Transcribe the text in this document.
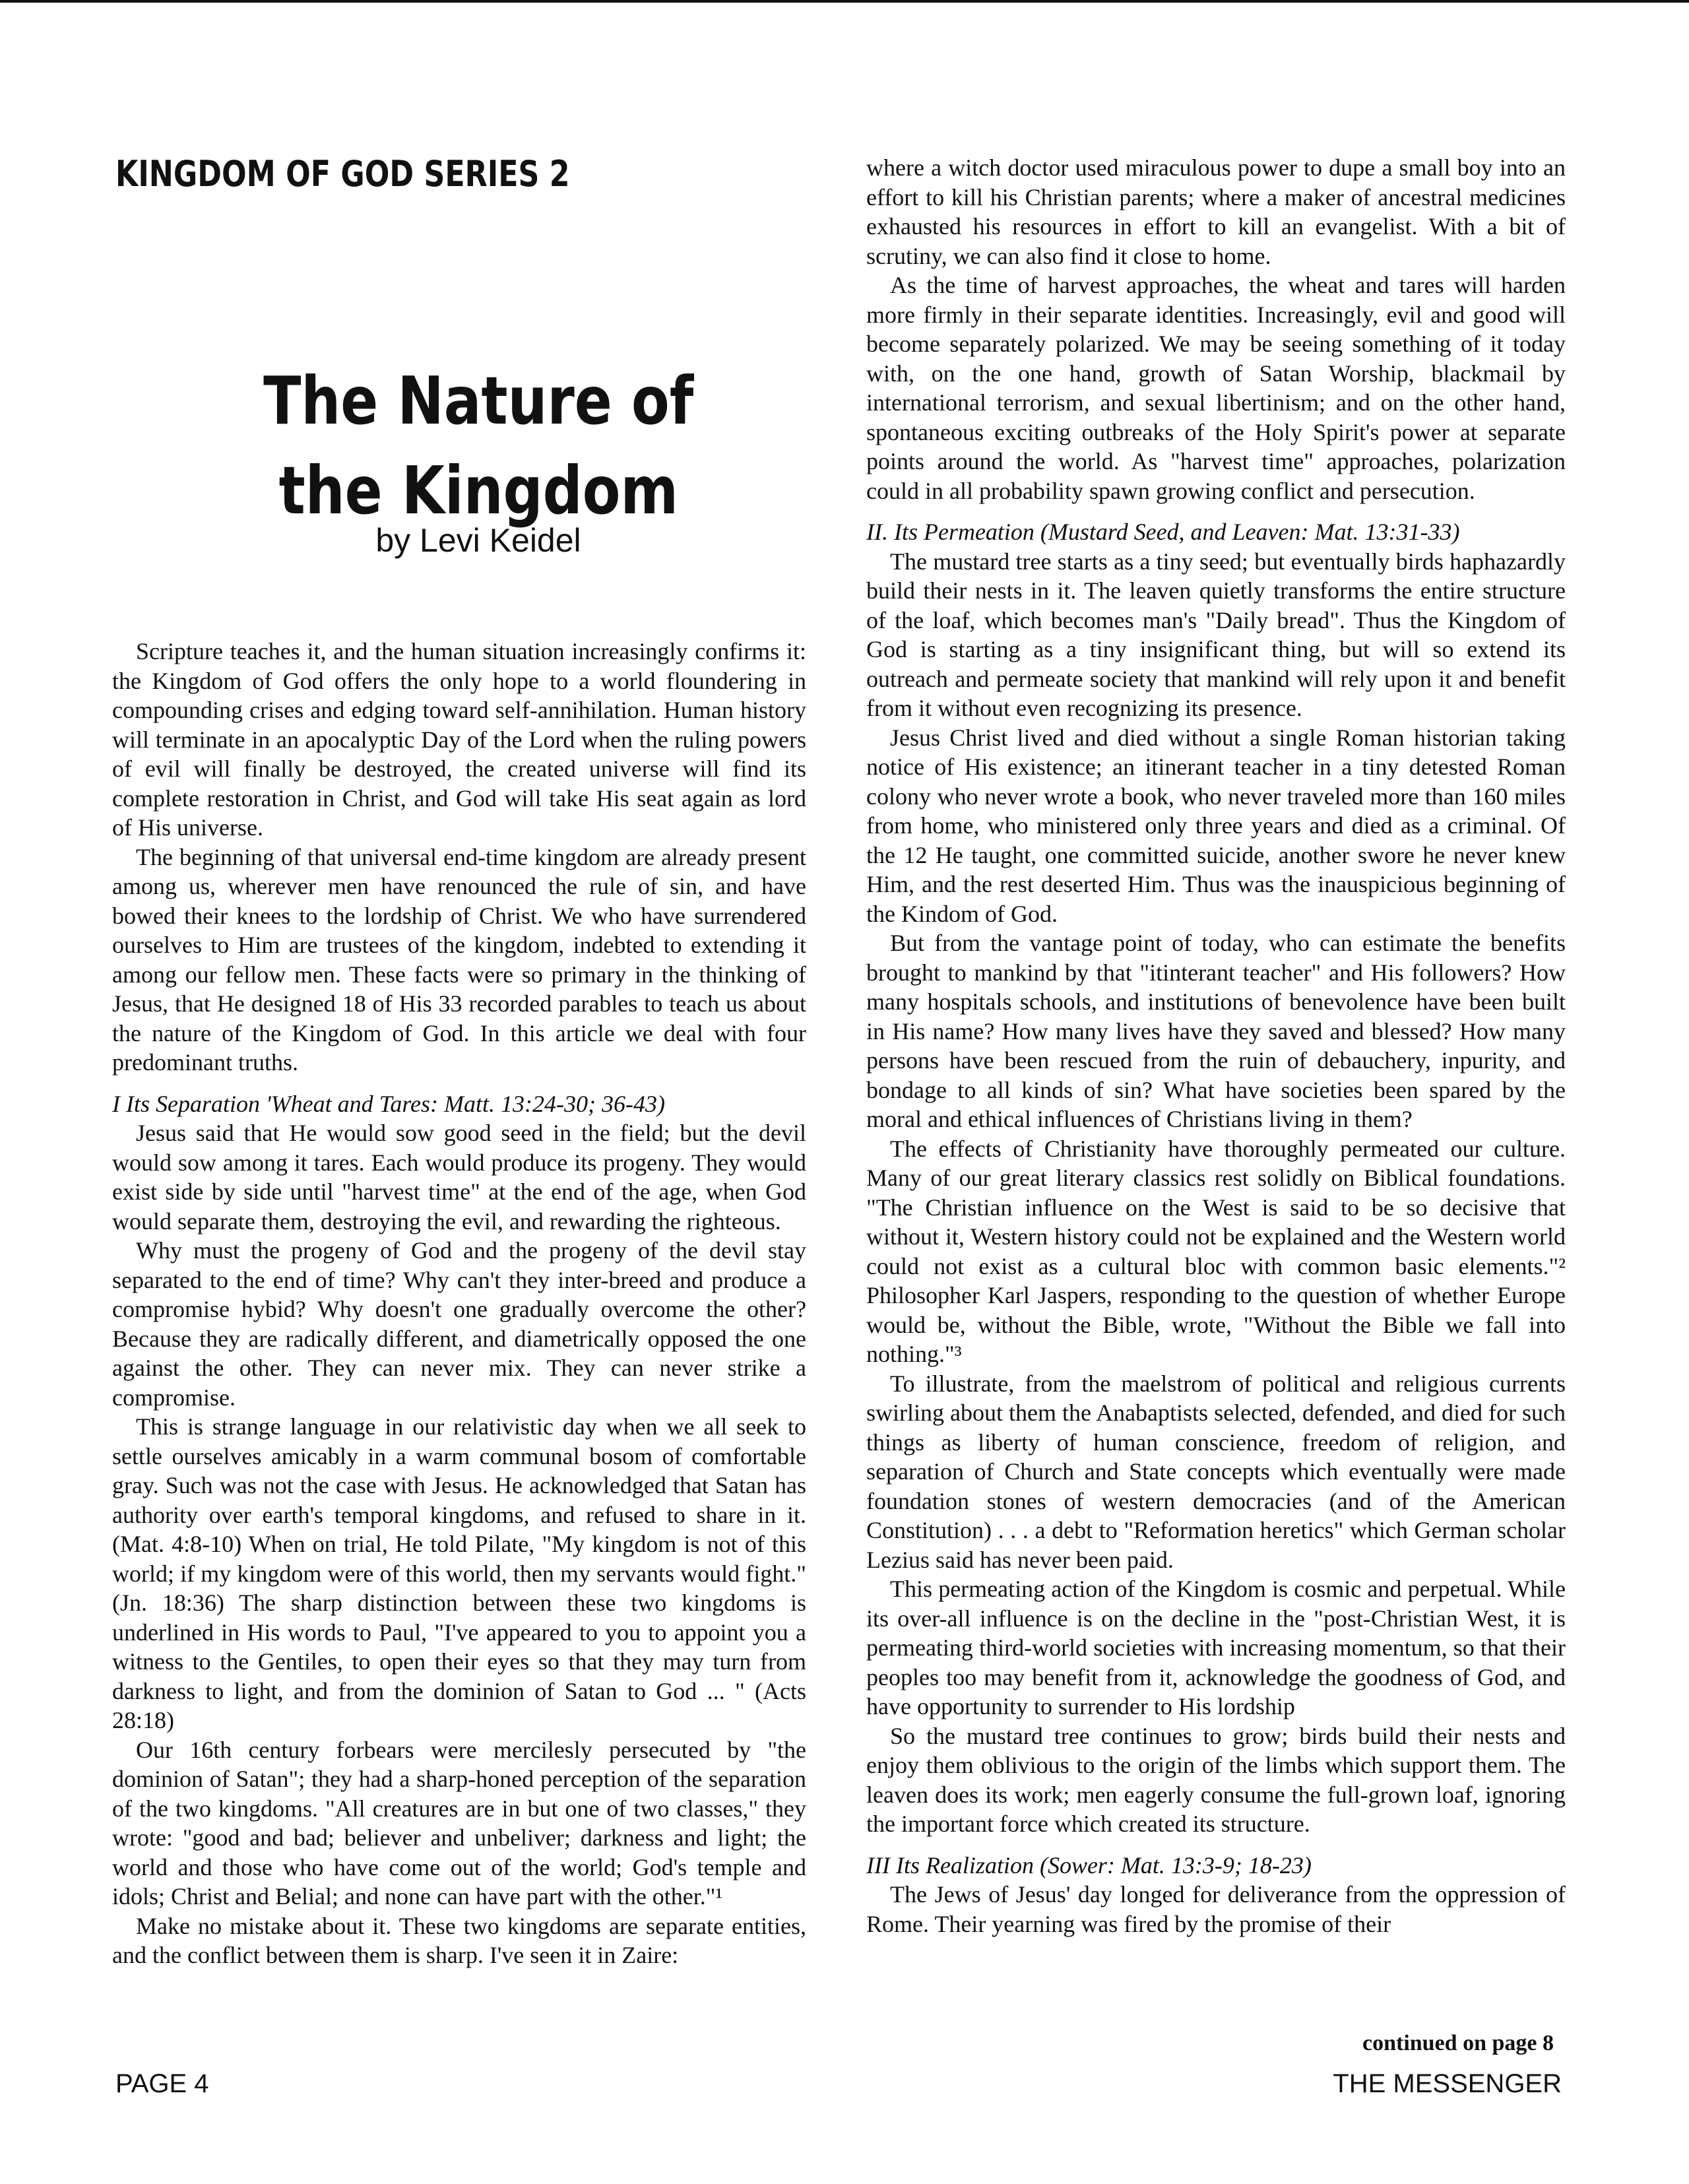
KINGDOM OF GOD SERIES 2
The Nature of
the Kingdom
by Levi Keidel

Scripture teaches it, and the human situation increasingly confirms it: the Kingdom of God offers the only hope to a world floundering in compounding crises and edging toward self-annihilation. Human history will terminate in an apocalyptic Day of the Lord when the ruling powers of evil will finally be destroyed, the created universe will find its complete restoration in Christ, and God will take His seat again as lord of His universe.

The beginning of that universal end-time kingdom are already present among us, wherever men have renounced the rule of sin, and have bowed their knees to the lordship of Christ. We who have surrendered ourselves to Him are trustees of the kingdom, indebted to extending it among our fellow men. These facts were so primary in the thinking of Jesus, that He designed 18 of His 33 recorded parables to teach us about the nature of the Kingdom of God. In this article we deal with four predominant truths.

I Its Separation 'Wheat and Tares: Matt. 13:24-30; 36-43)

Jesus said that He would sow good seed in the field; but the devil would sow among it tares. Each would produce its progeny. They would exist side by side until "harvest time" at the end of the age, when God would separate them, destroying the evil, and rewarding the righteous.

Why must the progeny of God and the progeny of the devil stay separated to the end of time? Why can't they inter-breed and produce a compromise hybid? Why doesn't one gradually overcome the other? Because they are radically different, and diametrically opposed the one against the other. They can never mix. They can never strike a compromise.

This is strange language in our relativistic day when we all seek to settle ourselves amicably in a warm communal bosom of comfortable gray. Such was not the case with Jesus. He acknowledged that Satan has authority over earth's temporal kingdoms, and refused to share in it. (Mat. 4:8-10) When on trial, He told Pilate, "My kingdom is not of this world; if my kingdom were of this world, then my servants would fight." (Jn. 18:36) The sharp distinction between these two kingdoms is underlined in His words to Paul, "I've appeared to you to appoint you a witness to the Gentiles, to open their eyes so that they may turn from darkness to light, and from the dominion of Satan to God ... " (Acts 28:18)

Our 16th century forbears were mercilesly persecuted by "the dominion of Satan"; they had a sharp-honed perception of the separation of the two kingdoms. "All creatures are in but one of two classes," they wrote: "good and bad; believer and unbeliver; darkness and light; the world and those who have come out of the world; God's temple and idols; Christ and Belial; and none can have part with the other."¹

Make no mistake about it. These two kingdoms are separate entities, and the conflict between them is sharp. I've seen it in Zaire:

where a witch doctor used miraculous power to dupe a small boy into an effort to kill his Christian parents; where a maker of ancestral medicines exhausted his resources in effort to kill an evangelist. With a bit of scrutiny, we can also find it close to home.

As the time of harvest approaches, the wheat and tares will harden more firmly in their separate identities. Increasingly, evil and good will become separately polarized. We may be seeing something of it today with, on the one hand, growth of Satan Worship, blackmail by international terrorism, and sexual libertinism; and on the other hand, spontaneous exciting outbreaks of the Holy Spirit's power at separate points around the world. As "harvest time" approaches, polarization could in all probability spawn growing conflict and persecution.

II. Its Permeation (Mustard Seed, and Leaven: Mat. 13:31-33)

The mustard tree starts as a tiny seed; but eventually birds haphazardly build their nests in it. The leaven quietly transforms the entire structure of the loaf, which becomes man's "Daily bread". Thus the Kingdom of God is starting as a tiny insignificant thing, but will so extend its outreach and permeate society that mankind will rely upon it and benefit from it without even recognizing its presence.

Jesus Christ lived and died without a single Roman historian taking notice of His existence; an itinerant teacher in a tiny detested Roman colony who never wrote a book, who never traveled more than 160 miles from home, who ministered only three years and died as a criminal. Of the 12 He taught, one committed suicide, another swore he never knew Him, and the rest deserted Him. Thus was the inauspicious beginning of the Kindom of God.

But from the vantage point of today, who can estimate the benefits brought to mankind by that "itinterant teacher" and His followers? How many hospitals schools, and institutions of benevolence have been built in His name? How many lives have they saved and blessed? How many persons have been rescued from the ruin of debauchery, inpurity, and bondage to all kinds of sin? What have societies been spared by the moral and ethical influences of Christians living in them?

The effects of Christianity have thoroughly permeated our culture. Many of our great literary classics rest solidly on Biblical foundations. "The Christian influence on the West is said to be so decisive that without it, Western history could not be explained and the Western world could not exist as a cultural bloc with common basic elements."² Philosopher Karl Jaspers, responding to the question of whether Europe would be, without the Bible, wrote, "Without the Bible we fall into nothing."³

To illustrate, from the maelstrom of political and religious currents swirling about them the Anabaptists selected, defended, and died for such things as liberty of human conscience, freedom of religion, and separation of Church and State concepts which eventually were made foundation stones of western democracies (and of the American Constitution) . . . a debt to "Reformation heretics" which German scholar Lezius said has never been paid.

This permeating action of the Kingdom is cosmic and perpetual. While its over-all influence is on the decline in the "post-Christian West, it is permeating third-world societies with increasing momentum, so that their peoples too may benefit from it, acknowledge the goodness of God, and have opportunity to surrender to His lordship

So the mustard tree continues to grow; birds build their nests and enjoy them oblivious to the origin of the limbs which support them. The leaven does its work; men eagerly consume the full-grown loaf, ignoring the important force which created its structure.

III Its Realization (Sower: Mat. 13:3-9; 18-23)

The Jews of Jesus' day longed for deliverance from the oppression of Rome. Their yearning was fired by the promise of their

continued on page 8
PAGE 4	THE MESSENGER
